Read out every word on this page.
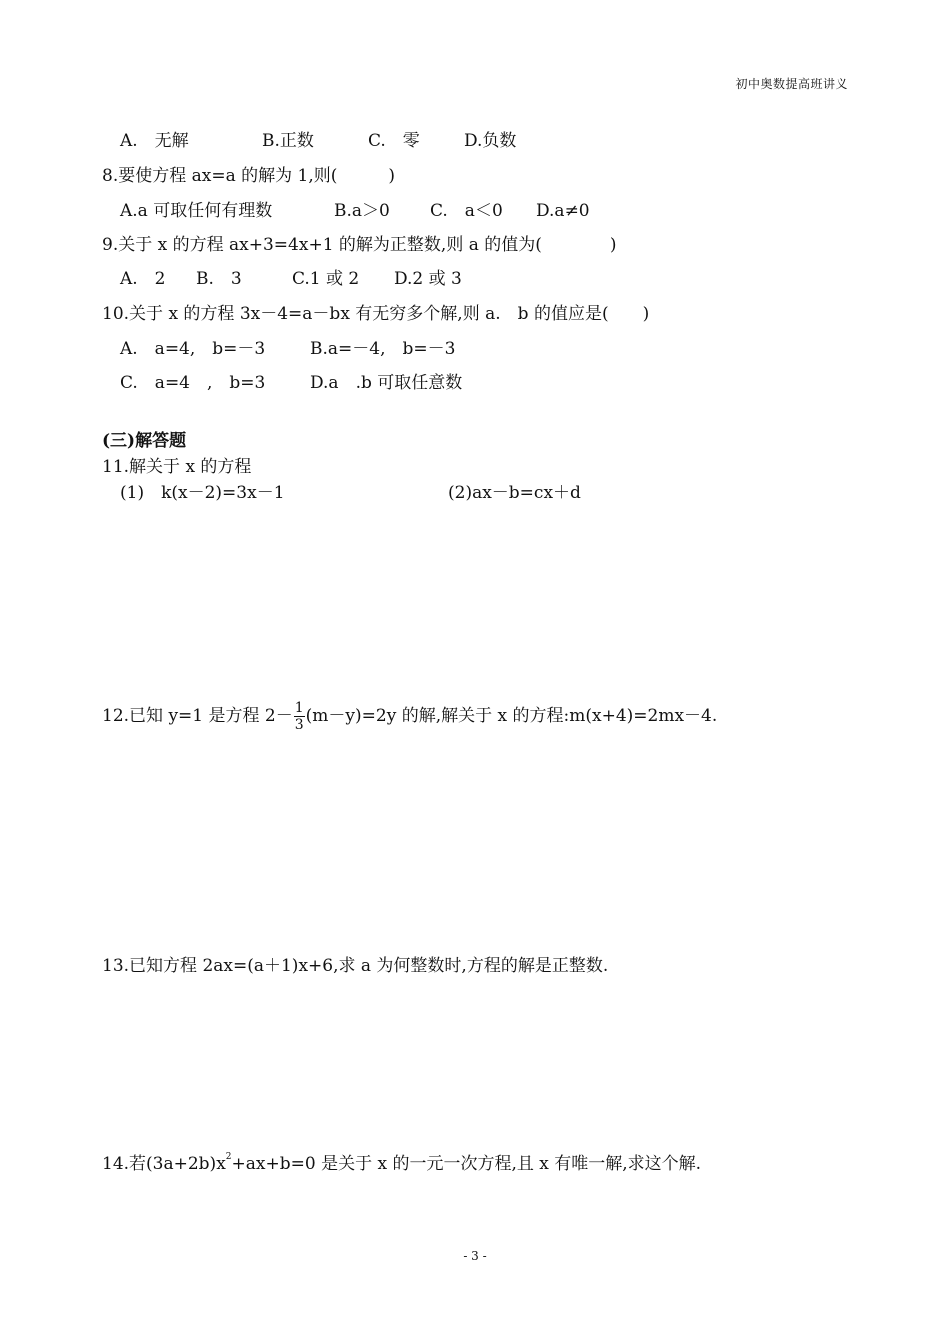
初中奥数提高班讲义
A.　无解	B.正数	C.　零	D.负数
8.要使方程 ax=a 的解为 1,则(　　　)
A.a 可取任何有理数	B.a＞0 C.　a＜0 D.a≠0
9.关于 x 的方程 ax+3=4x+1 的解为正整数,则 a 的值为(　　　　)
A.　2 B.　3	C.1 或 2 D.2 或 3
10.关于 x 的方程 3x－4=a－bx 有无穷多个解,则 a.　b 的值应是(　　)
A.　a=4,　b=－3	B.a=－4,　b=－3
C.　a=4　,　b=3	D.a　.b 可取任意数
(三)解答题
11.解关于 x 的方程
(1)　k(x－2)=3x－1	(2)ax－b=cx＋d
12.已知 y=1 是方程 $2- \frac{1}{3} (m-y)=2y$ 的解,解关于 x 的方程:m(x+4)=2mx－4.
13.已知方程 2ax=(a＋1)x+6,求 a 为何整数时,方程的解是正整数.
14.若$(3a+2b)x^2+ax+b=0$ 是关于 x 的一元一次方程,且 x 有唯一解,求这个解.
- 3 -
